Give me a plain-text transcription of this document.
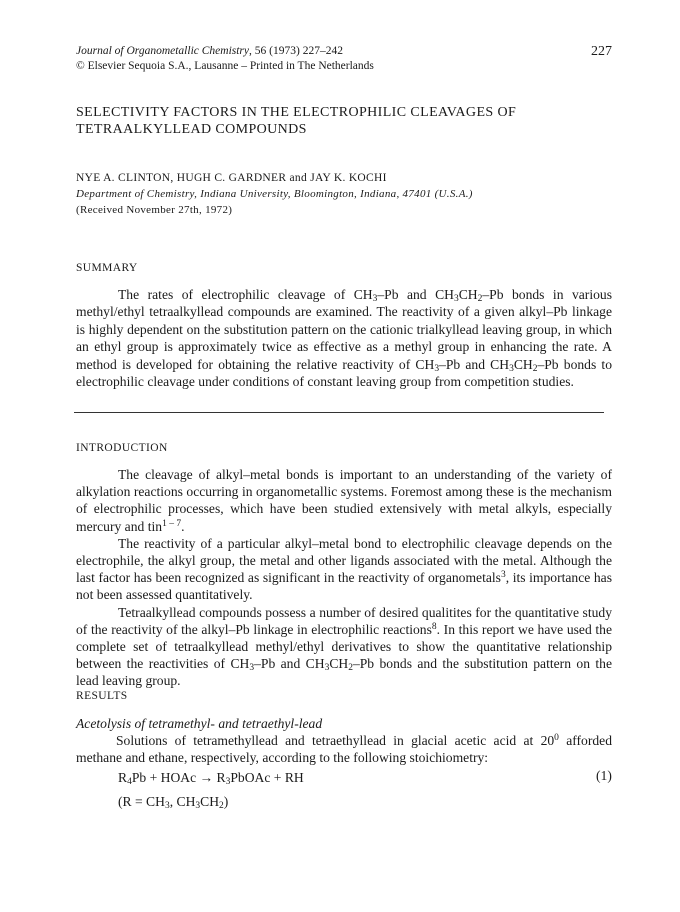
Journal of Organometallic Chemistry, 56 (1973) 227–242
© Elsevier Sequoia S.A., Lausanne – Printed in The Netherlands
227
SELECTIVITY FACTORS IN THE ELECTROPHILIC CLEAVAGES OF
TETRAALKYLLEAD COMPOUNDS
NYE A. CLINTON, HUGH C. GARDNER and JAY K. KOCHI
Department of Chemistry, Indiana University, Bloomington, Indiana, 47401 (U.S.A.)
(Received November 27th, 1972)
SUMMARY
The rates of electrophilic cleavage of $CH_3-Pb$ and $CH_3CH_2-Pb$ bonds in various methyl/ethyl tetraalkyllead compounds are examined. The reactivity of a given alkyl–Pb linkage is highly dependent on the substitution pattern on the cationic trialkyllead leaving group, in which an ethyl group is approximately twice as effective as a methyl group in enhancing the rate. A method is developed for obtaining the relative reactivity of $CH_3-Pb$ and $CH_3CH_2-Pb$ bonds to electrophilic cleavage under conditions of constant leaving group from competition studies.
INTRODUCTION

The cleavage of alkyl–metal bonds is important to an understanding of the variety of alkylation reactions occurring in organometallic systems. Foremost among these is the mechanism of electrophilic processes, which have been studied extensively with metal alkyls, especially mercury and tin$^{1 - 7}$.

The reactivity of a particular alkyl–metal bond to electrophilic cleavage depends on the electrophile, the alkyl group, the metal and other ligands associated with the metal. Although the last factor has been recognized as significant in the reactivity of organometals$^3$, its importance has not been assessed quantitatively.

Tetraalkyllead compounds possess a number of desired qualitites for the quantitative study of the reactivity of the alkyl–Pb linkage in electrophilic reactions$^8$. In this report we have used the complete set of tetraalkyllead methyl/ethyl derivatives to show the quantitative relationship between the reactivities of $CH_3-Pb$ and $CH_3CH_2-Pb$ bonds and the substitution pattern on the lead leaving group.

RESULTS
Acetolysis of tetramethyl- and tetraethyl-lead
Solutions of tetramethyllead and tetraethyllead in glacial acetic acid at $20^0$ afforded methane and ethane, respectively, according to the following stoichiometry:
$R_4Pb$ + HOAc → $R_3PbOAc$ + RH	(1)
($R = CH_3$, $CH_3CH_2$)
